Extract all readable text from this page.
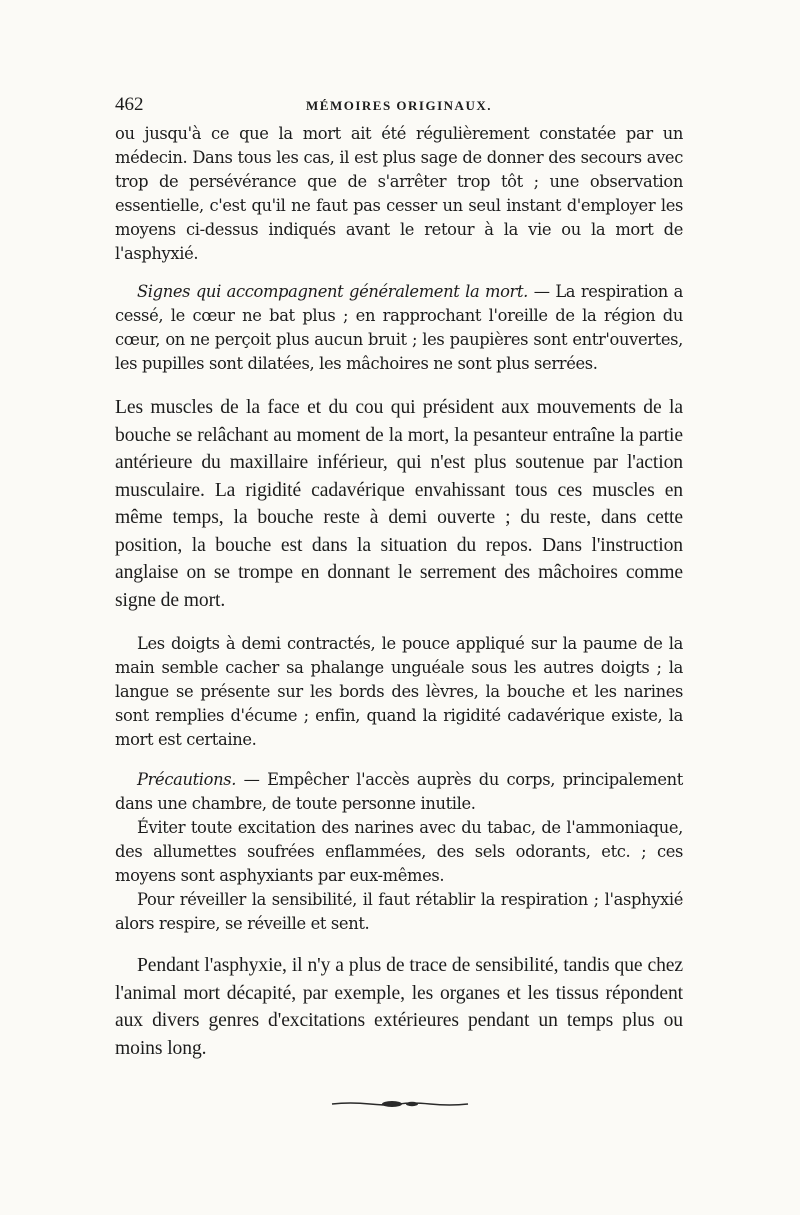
462	MÉMOIRES ORIGINAUX.

ou jusqu'à ce que la mort ait été régulièrement constatée par un médecin. Dans tous les cas, il est plus sage de donner des secours avec trop de persévérance que de s'arrêter trop tôt ; une observation essentielle, c'est qu'il ne faut pas cesser un seul instant d'employer les moyens ci-dessus indiqués avant le retour à la vie ou la mort de l'asphyxié.

Signes qui accompagnent généralement la mort. — La respiration a cessé, le cœur ne bat plus ; en rapprochant l'oreille de la région du cœur, on ne perçoit plus aucun bruit ; les paupières sont entr'ouvertes, les pupilles sont dilatées, les mâchoires ne sont plus serrées.

Les muscles de la face et du cou qui président aux mouvements de la bouche se relâchant au moment de la mort, la pesanteur entraîne la partie antérieure du maxillaire inférieur, qui n'est plus soutenue par l'action musculaire. La rigidité cadavérique envahissant tous ces muscles en même temps, la bouche reste à demi ouverte ; du reste, dans cette position, la bouche est dans la situation du repos. Dans l'instruction anglaise on se trompe en donnant le serrement des mâchoires comme signe de mort.

Les doigts à demi contractés, le pouce appliqué sur la paume de la main semble cacher sa phalange unguéale sous les autres doigts ; la langue se présente sur les bords des lèvres, la bouche et les narines sont remplies d'écume ; enfin, quand la rigidité cadavérique existe, la mort est certaine.

Précautions. — Empêcher l'accès auprès du corps, principalement dans une chambre, de toute personne inutile.

Éviter toute excitation des narines avec du tabac, de l'ammoniaque, des allumettes soufrées enflammées, des sels odorants, etc. ; ces moyens sont asphyxiants par eux-mêmes.

Pour réveiller la sensibilité, il faut rétablir la respiration ; l'asphyxié alors respire, se réveille et sent.

Pendant l'asphyxie, il n'y a plus de trace de sensibilité, tandis que chez l'animal mort décapité, par exemple, les organes et les tissus répondent aux divers genres d'excitations extérieures pendant un temps plus ou moins long.
